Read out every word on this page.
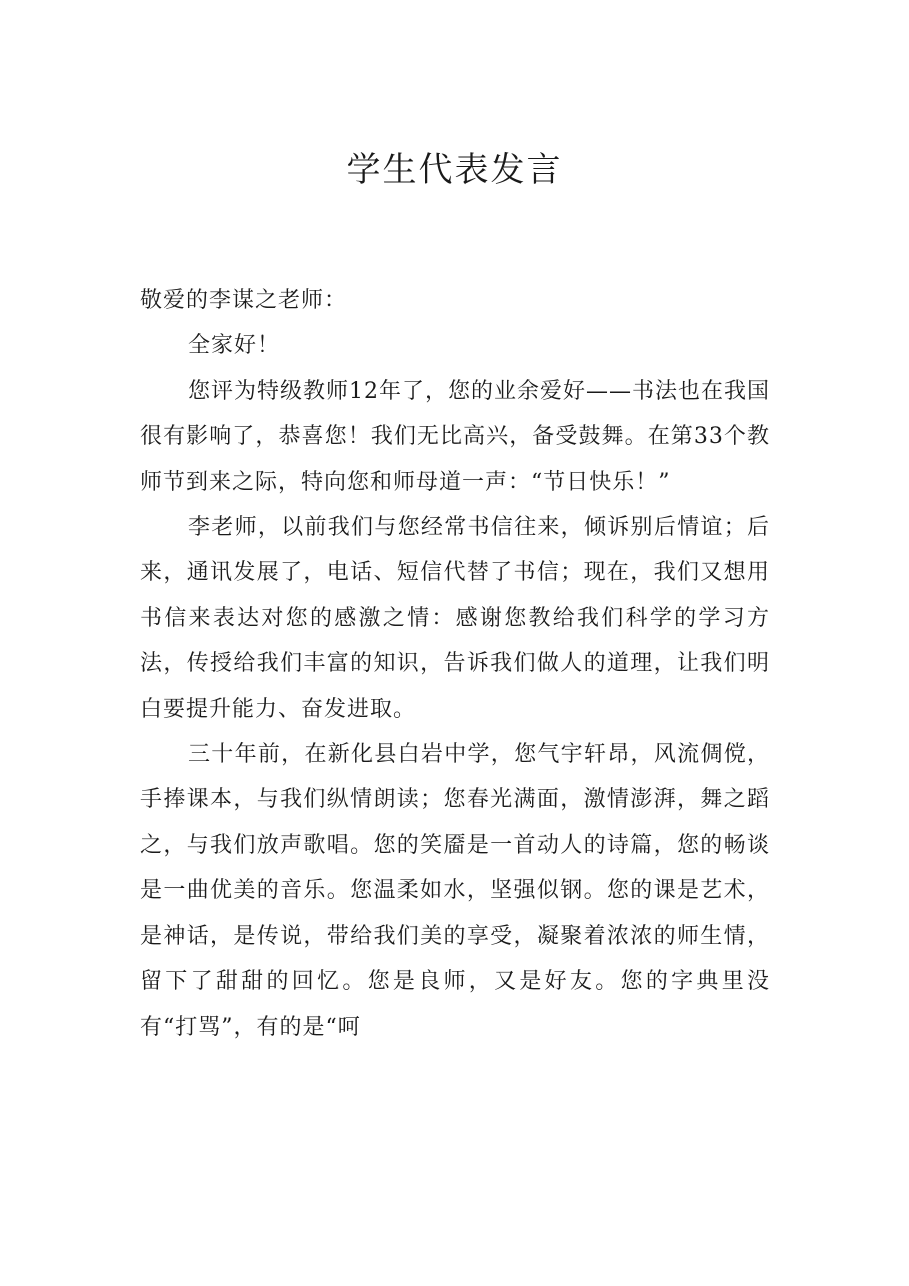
学生代表发言

敬爱的李谋之老师：

全家好！

您评为特级教师12年了，您的业余爱好——书法也在我国很有影响了，恭喜您！我们无比高兴，备受鼓舞。在第33个教师节到来之际，特向您和师母道一声：“节日快乐！”

李老师，以前我们与您经常书信往来，倾诉别后情谊；后来，通讯发展了，电话、短信代替了书信；现在，我们又想用书信来表达对您的感激之情：感谢您教给我们科学的学习方法，传授给我们丰富的知识，告诉我们做人的道理，让我们明白要提升能力、奋发进取。

三十年前，在新化县白岩中学，您气宇轩昂，风流倜傥，手捧课本，与我们纵情朗读；您春光满面，激情澎湃，舞之蹈之，与我们放声歌唱。您的笑靥是一首动人的诗篇，您的畅谈是一曲优美的音乐。您温柔如水，坚强似钢。您的课是艺术，是神话，是传说，带给我们美的享受，凝聚着浓浓的师生情，留下了甜甜的回忆。您是良师，又是好友。您的字典里没有“打骂”，有的是“呵
